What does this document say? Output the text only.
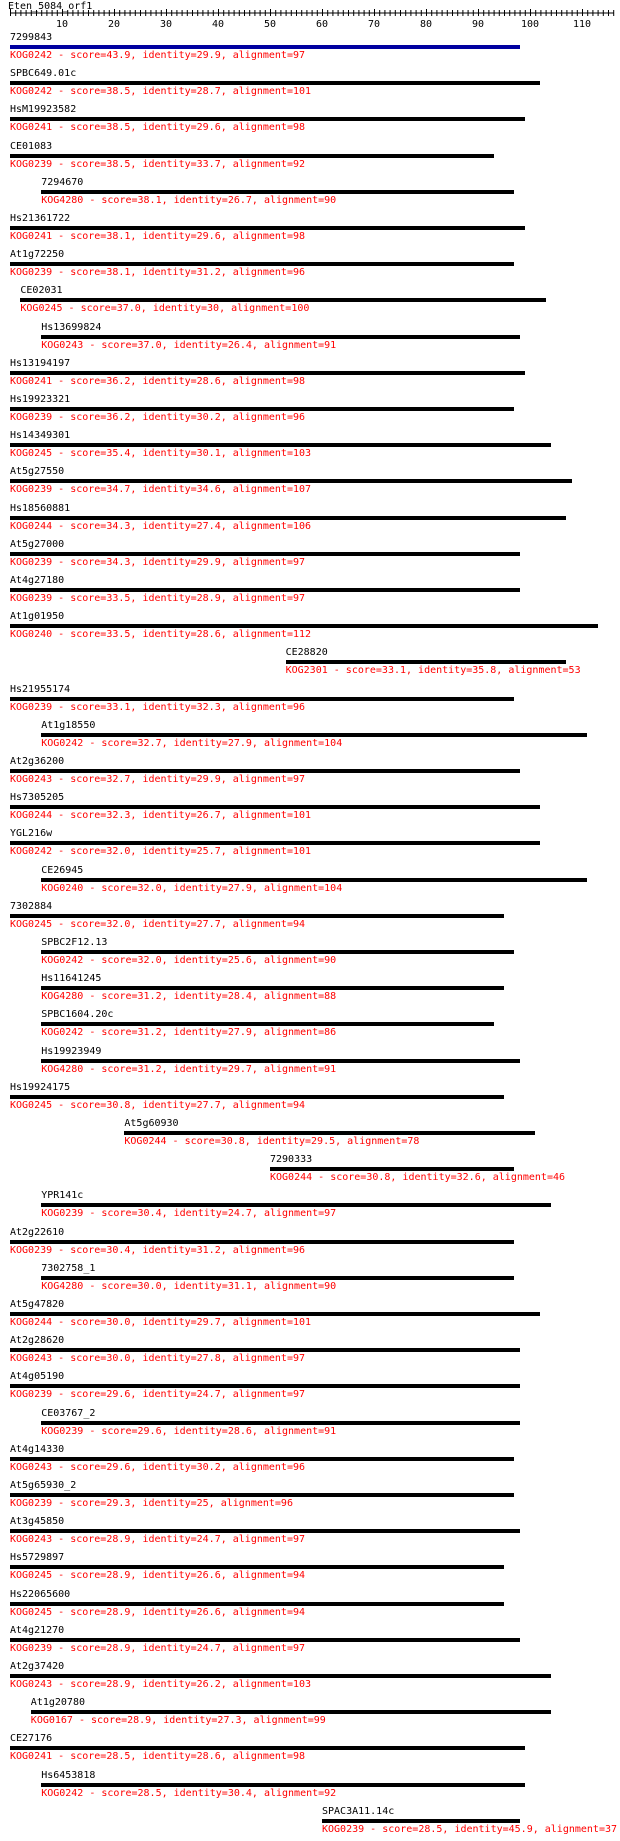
Eten_5084_orf1
10	20	30	40	50	60	70	80	90	100	110
7299843
KOG0242 - score=43.9, identity=29.9, alignment=97
SPBC649.01c
KOG0242 - score=38.5, identity=28.7, alignment=101
HsM19923582
KOG0241 - score=38.5, identity=29.6, alignment=98
CE01083
KOG0239 - score=38.5, identity=33.7, alignment=92
7294670
KOG4280 - score=38.1, identity=26.7, alignment=90
Hs21361722
KOG0241 - score=38.1, identity=29.6, alignment=98
At1g72250
KOG0239 - score=38.1, identity=31.2, alignment=96
CE02031
KOG0245 - score=37.0, identity=30, alignment=100
Hs13699824
KOG0243 - score=37.0, identity=26.4, alignment=91
Hs13194197
KOG0241 - score=36.2, identity=28.6, alignment=98
Hs19923321
KOG0239 - score=36.2, identity=30.2, alignment=96
Hs14349301
KOG0245 - score=35.4, identity=30.1, alignment=103
At5g27550
KOG0239 - score=34.7, identity=34.6, alignment=107
Hs18560881
KOG0244 - score=34.3, identity=27.4, alignment=106
At5g27000
KOG0239 - score=34.3, identity=29.9, alignment=97
At4g27180
KOG0239 - score=33.5, identity=28.9, alignment=97
At1g01950
KOG0240 - score=33.5, identity=28.6, alignment=112
CE28820
KOG2301 - score=33.1, identity=35.8, alignment=53
Hs21955174
KOG0239 - score=33.1, identity=32.3, alignment=96
At1g18550
KOG0242 - score=32.7, identity=27.9, alignment=104
At2g36200
KOG0243 - score=32.7, identity=29.9, alignment=97
Hs7305205
KOG0244 - score=32.3, identity=26.7, alignment=101
YGL216w
KOG0242 - score=32.0, identity=25.7, alignment=101
CE26945
KOG0240 - score=32.0, identity=27.9, alignment=104
7302884
KOG0245 - score=32.0, identity=27.7, alignment=94
SPBC2F12.13
KOG0242 - score=32.0, identity=25.6, alignment=90
Hs11641245
KOG4280 - score=31.2, identity=28.4, alignment=88
SPBC1604.20c
KOG0242 - score=31.2, identity=27.9, alignment=86
Hs19923949
KOG4280 - score=31.2, identity=29.7, alignment=91
Hs19924175
KOG0245 - score=30.8, identity=27.7, alignment=94
At5g60930
KOG0244 - score=30.8, identity=29.5, alignment=78
7290333
KOG0244 - score=30.8, identity=32.6, alignment=46
YPR141c
KOG0239 - score=30.4, identity=24.7, alignment=97
At2g22610
KOG0239 - score=30.4, identity=31.2, alignment=96
7302758_1
KOG4280 - score=30.0, identity=31.1, alignment=90
At5g47820
KOG0244 - score=30.0, identity=29.7, alignment=101
At2g28620
KOG0243 - score=30.0, identity=27.8, alignment=97
At4g05190
KOG0239 - score=29.6, identity=24.7, alignment=97
CE03767_2
KOG0239 - score=29.6, identity=28.6, alignment=91
At4g14330
KOG0243 - score=29.6, identity=30.2, alignment=96
At5g65930_2
KOG0239 - score=29.3, identity=25, alignment=96
At3g45850
KOG0243 - score=28.9, identity=24.7, alignment=97
Hs5729897
KOG0245 - score=28.9, identity=26.6, alignment=94
Hs22065600
KOG0245 - score=28.9, identity=26.6, alignment=94
At4g21270
KOG0239 - score=28.9, identity=24.7, alignment=97
At2g37420
KOG0243 - score=28.9, identity=26.2, alignment=103
At1g20780
KOG0167 - score=28.9, identity=27.3, alignment=99
CE27176
KOG0241 - score=28.5, identity=28.6, alignment=98
Hs6453818
KOG0242 - score=28.5, identity=30.4, alignment=92
SPAC3A11.14c
KOG0239 - score=28.5, identity=45.9, alignment=37
